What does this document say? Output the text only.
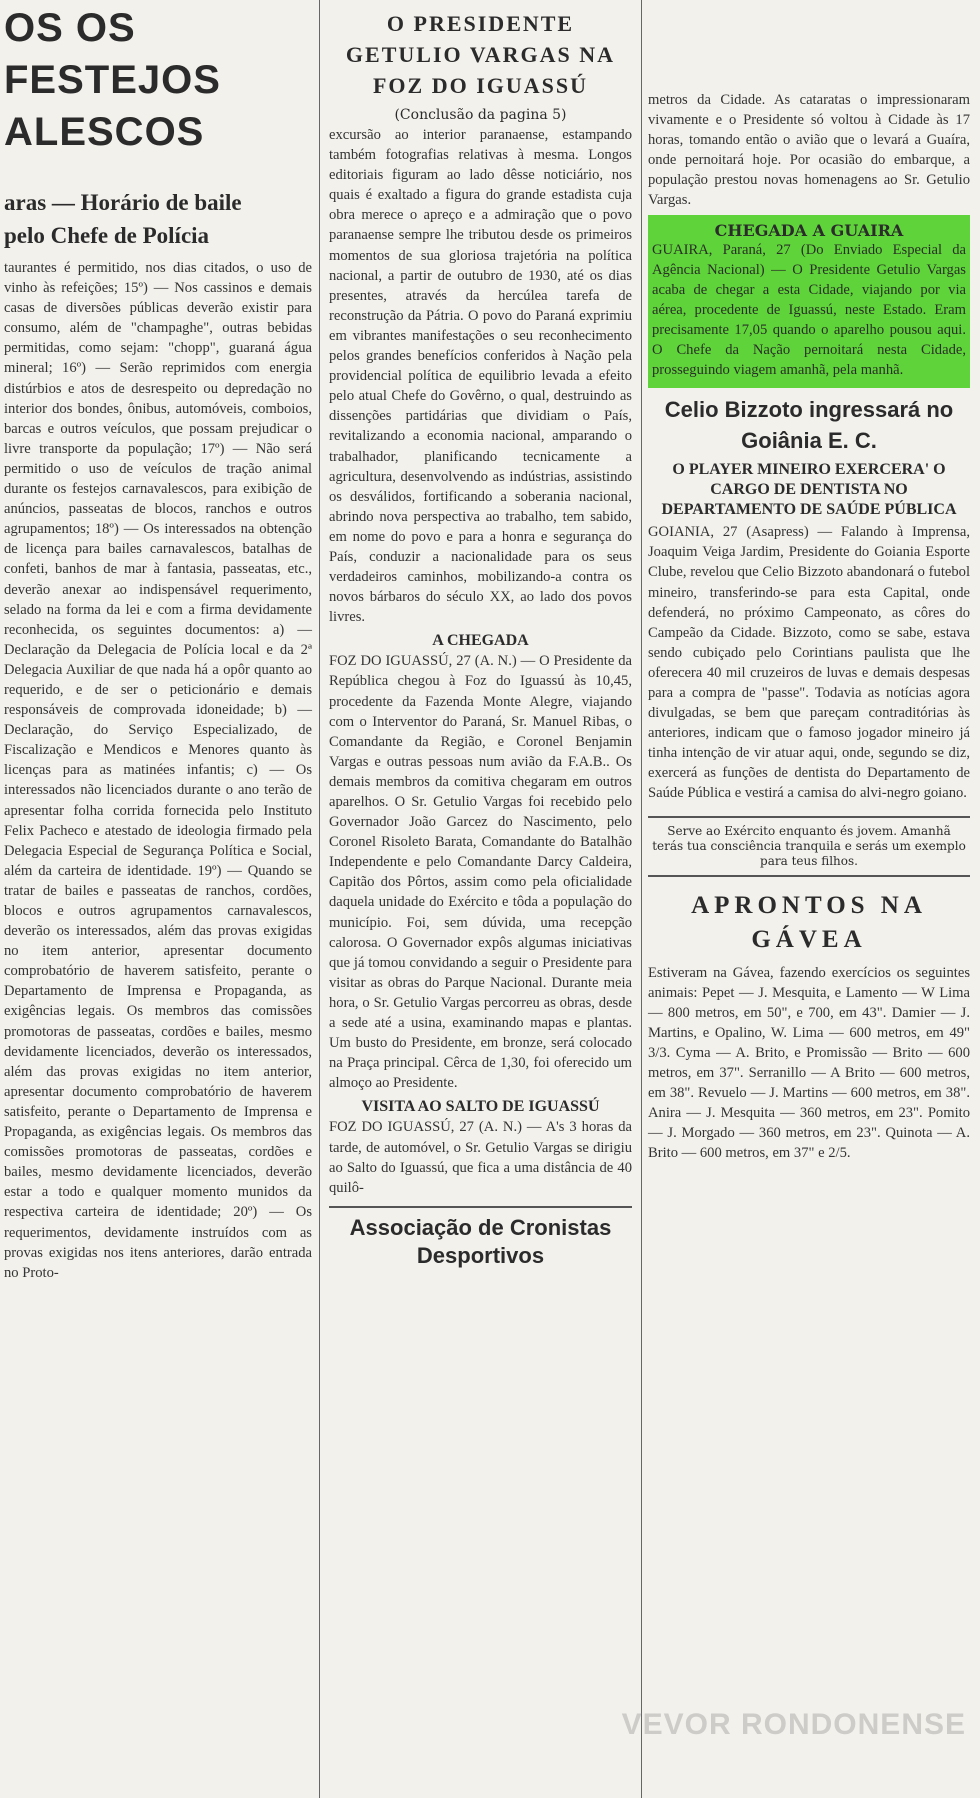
OS OS FESTEJOS
ALESCOS
aras — Horário de baile
pelo Chefe de Polícia

taurantes é permitido, nos dias citados, o uso de vinho às refeições; 15º) — Nos cassinos e demais casas de diversões públicas deverão existir para consumo, além de "champaghe", outras bebidas permitidas, como sejam: "chopp", guaraná água mineral; 16º) — Serão reprimidos com energia distúrbios e atos de desrespeito ou depredação no interior dos bondes, ônibus, automóveis, comboios, barcas e outros veículos, que possam prejudicar o livre transporte da população; 17º) — Não será permitido o uso de veículos de tração animal durante os festejos carnavalescos, para exibição de anúncios, passeatas de blocos, ranchos e outros agrupamentos; 18º) — Os interessados na obtenção de licença para bailes carnavalescos, batalhas de confeti, banhos de mar à fantasia, passeatas, etc., deverão anexar ao indispensável requerimento, selado na forma da lei e com a firma devidamente reconhecida, os seguintes documentos: a) — Declaração da Delegacia de Polícia local e da 2ª Delegacia Auxiliar de que nada há a opôr quanto ao requerido, e de ser o peticionário e demais responsáveis de comprovada idoneidade; b) — Declaração, do Serviço Especializado, de Fiscalização e Mendicos e Menores quanto às licenças para as matinées infantis; c) — Os interessados não licenciados durante o ano terão de apresentar folha corrida fornecida pelo Instituto Felix Pacheco e atestado de ideologia firmado pela Delegacia Especial de Segurança Política e Social, além da carteira de identidade. 19º) — Quando se tratar de bailes e passeatas de ranchos, cordões, blocos e outros agrupamentos carnavalescos, deverão os interessados, além das provas exigidas no item anterior, apresentar documento comprobatório de haverem satisfeito, perante o Departamento de Imprensa e Propaganda, as exigências legais. Os membros das comissões promotoras de passeatas, cordões e bailes, mesmo devidamente licenciados, deverão os interessados, além das provas exigidas no item anterior, apresentar documento comprobatório de haverem satisfeito, perante o Departamento de Imprensa e Propaganda, as exigências legais. Os membros das comissões promotoras de passeatas, cordões e bailes, mesmo devidamente licenciados, deverão estar a todo e qualquer momento munidos da respectiva carteira de identidade; 20º) — Os requerimentos, devidamente instruídos com as provas exigidas nos itens anteriores, darão entrada no Proto-

O PRESIDENTE GETULIO VARGAS NA FOZ DO IGUASSÚ

(Conclusão da pagina 5)

excursão ao interior paranaense, estampando também fotografias relativas à mesma. Longos editoriais figuram ao lado dêsse noticiário, nos quais é exaltado a figura do grande estadista cuja obra merece o apreço e a admiração que o povo paranaense sempre lhe tributou desde os primeiros momentos de sua gloriosa trajetória na política nacional, a partir de outubro de 1930, até os dias presentes, através da hercúlea tarefa de reconstrução da Pátria. O povo do Paraná exprimiu em vibrantes manifestações o seu reconhecimento pelos grandes benefícios conferidos à Nação pela providencial política de equilibrio levada a efeito pelo atual Chefe do Govêrno, o qual, destruindo as dissenções partidárias que dividiam o País, revitalizando a economia nacional, amparando o trabalhador, planificando tecnicamente a agricultura, desenvolvendo as indústrias, assistindo os desválidos, fortificando a soberania nacional, abrindo nova perspectiva ao trabalho, tem sabido, em nome do povo e para a honra e segurança do País, conduzir a nacionalidade para os seus verdadeiros caminhos, mobilizando-a contra os novos bárbaros do século XX, ao lado dos povos livres.

A CHEGADA

FOZ DO IGUASSÚ, 27 (A. N.) — O Presidente da República chegou à Foz do Iguassú às 10,45, procedente da Fazenda Monte Alegre, viajando com o Interventor do Paraná, Sr. Manuel Ribas, o Comandante da Região, e Coronel Benjamin Vargas e outras pessoas num avião da F.A.B.. Os demais membros da comitiva chegaram em outros aparelhos. O Sr. Getulio Vargas foi recebido pelo Governador João Garcez do Nascimento, pelo Coronel Risoleto Barata, Comandante do Batalhão Independente e pelo Comandante Darcy Caldeira, Capitão dos Pôrtos, assim como pela oficialidade daquela unidade do Exército e tôda a população do município. Foi, sem dúvida, uma recepção calorosa. O Governador expôs algumas iniciativas que já tomou convidando a seguir o Presidente para visitar as obras do Parque Nacional. Durante meia hora, o Sr. Getulio Vargas percorreu as obras, desde a sede até a usina, examinando mapas e plantas. Um busto do Presidente, em bronze, será colocado na Praça principal. Cêrca de 1,30, foi oferecido um almoço ao Presidente.

VISITA AO SALTO DE IGUASSÚ

FOZ DO IGUASSÚ, 27 (A. N.) — A's 3 horas da tarde, de automóvel, o Sr. Getulio Vargas se dirigiu ao Salto do Iguassú, que fica a uma distância de 40 quilô-

Associação de Cronistas
Desportivos

metros da Cidade. As cataratas o impressionaram vivamente e o Presidente só voltou à Cidade às 17 horas, tomando então o avião que o levará a Guaíra, onde pernoitará hoje. Por ocasião do embarque, a população prestou novas homenagens ao Sr. Getulio Vargas.

CHEGADA A GUAIRA

GUAIRA, Paraná, 27 (Do Enviado Especial da Agência Nacional) — O Presidente Getulio Vargas acaba de chegar a esta Cidade, viajando por via aérea, procedente de Iguassú, neste Estado. Eram precisamente 17,05 quando o aparelho pousou aqui. O Chefe da Nação pernoitará nesta Cidade, prosseguindo viagem amanhã, pela manhã.

Celio Bizzoto ingressará no Goiânia E. C.

O PLAYER MINEIRO EXERCERA' O CARGO DE DENTISTA NO DEPARTAMENTO DE SAÚDE PÚBLICA

GOIANIA, 27 (Asapress) — Falando à Imprensa, Joaquim Veiga Jardim, Presidente do Goiania Esporte Clube, revelou que Celio Bizzoto abandonará o futebol mineiro, transferindo-se para esta Capital, onde defenderá, no próximo Campeonato, as côres do Campeão da Cidade. Bizzoto, como se sabe, estava sendo cubiçado pelo Corintians paulista que lhe oferecera 40 mil cruzeiros de luvas e demais despesas para a compra de "passe". Todavia as notícias agora divulgadas, se bem que pareçam contraditórias às anteriores, indicam que o famoso jogador mineiro já tinha intenção de vir atuar aqui, onde, segundo se diz, exercerá as funções de dentista do Departamento de Saúde Pública e vestirá a camisa do alvi-negro goiano.

Serve ao Exército enquanto és jovem. Amanhã terás tua consciência tranquila e serás um exemplo para teus filhos.
APRONTOS NA
GÁVEA

Estiveram na Gávea, fazendo exercícios os seguintes animais: Pepet — J. Mesquita, e Lamento — W Lima — 800 metros, em 50", e 700, em 43". Damier — J. Martins, e Opalino, W. Lima — 600 metros, em 49" 3/3. Cyma — A. Brito, e Promissão — Brito — 600 metros, em 37". Serranillo — A Brito — 600 metros, em 38". Revuelo — J. Martins — 600 metros, em 38". Anira — J. Mesquita — 360 metros, em 23". Pomito — J. Morgado — 360 metros, em 23". Quinota — A. Brito — 600 metros, em 37" e 2/5.

VEVOR RONDONENSE
